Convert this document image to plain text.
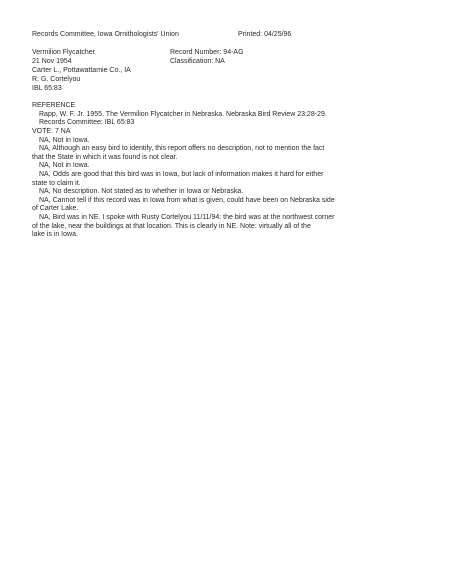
Records Committee, Iowa Ornithologists' Union	Printed: 04/25/96
Vermilion Flycatcher	Record Number: 94-AG
21 Nov 1954	Classification: NA
Carter L., Pottawattamie Co., IA
R. G. Cortelyou
IBL 65:83
REFERENCE
Rapp, W. F. Jr. 1955. The Vermilion Flycatcher in Nebraska. Nebraska Bird Review 23:28-29.
Records Committee: IBL 65:83
VOTE: 7 NA
NA, Not in Iowa.
NA, Although an easy bird to identify, this report offers no description, not to mention the fact
that the State in which it was found is not clear.
NA, Not in Iowa.
NA, Odds are good that this bird was in Iowa, but lack of information makes it hard for either
state to claim it.
NA, No description. Not stated as to whether in Iowa or Nebraska.
NA, Cannot tell if this record was in Iowa from what is given, could have been on Nebraska side
of Carter Lake.
NA, Bird was in NE. I spoke with Rusty Cortelyou 11/11/94: the bird was at the northwest corner
of the lake, near the buildings at that location. This is clearly in NE. Note: virtually all of the
lake is in Iowa.
